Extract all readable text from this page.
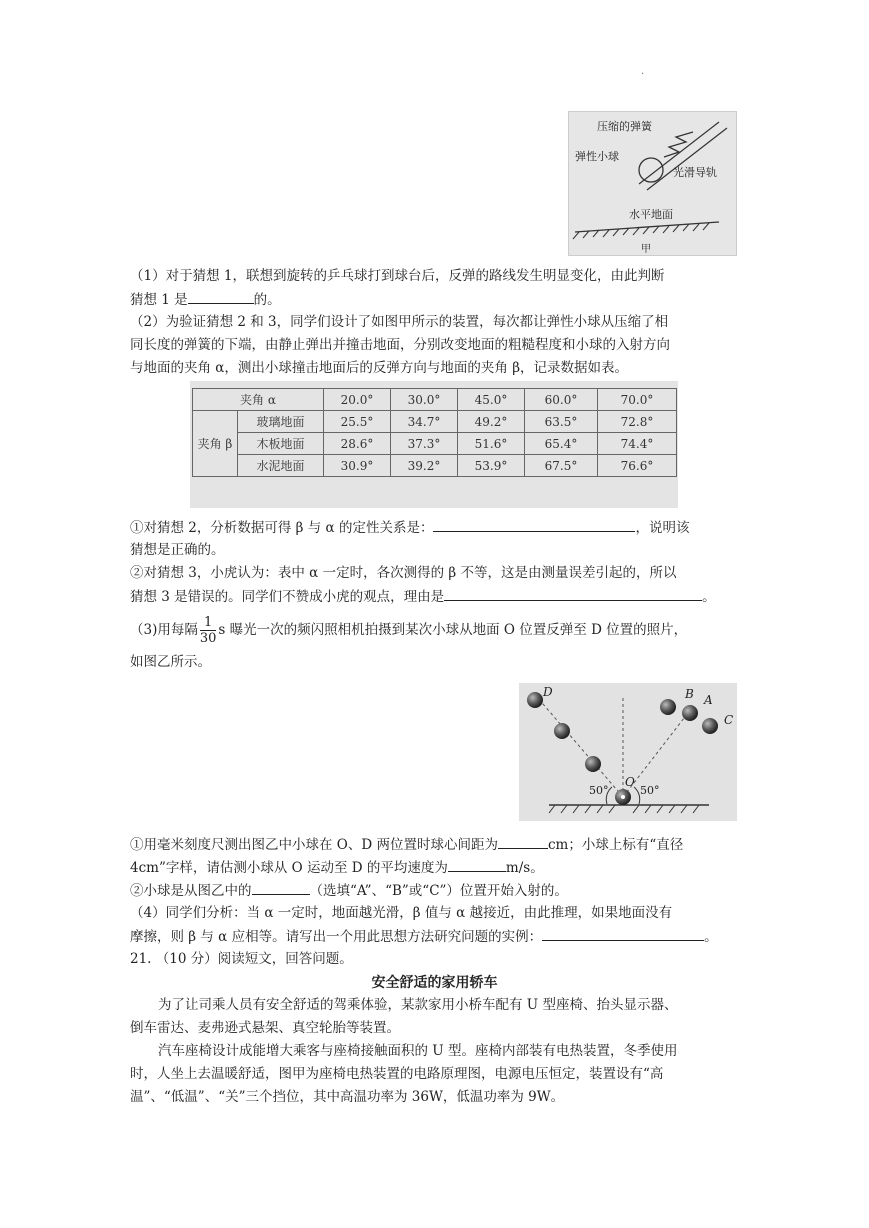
.
压缩的弹簧
弹性小球
光滑导轨
水平地面
甲
（1）对于猜想 1，联想到旋转的乒乓球打到球台后，反弹的路线发生明显变化，由此判断
猜想 1 是	的。
（2）为验证猜想 2 和 3，同学们设计了如图甲所示的装置，每次都让弹性小球从压缩了相
同长度的弹簧的下端，由静止弹出并撞击地面，分别改变地面的粗糙程度和小球的入射方向
与地面的夹角 α，测出小球撞击地面后的反弹方向与地面的夹角 β，记录数据如表。
夹角 α		20.0°	30.0°	45.0°	60.0°	70.0°
夹角 β	玻璃地面	25.5°	34.7°	49.2°	63.5°	72.8°
	木板地面	28.6°	37.3°	51.6°	65.4°	74.4°
	水泥地面	30.9°	39.2°	53.9°	67.5°	76.6°
①对猜想 2，分析数据可得 β 与 α 的定性关系是：	，说明该
猜想是正确的。
②对猜想 3，小虎认为：表中 α 一定时，各次测得的 β 不等，这是由测量误差引起的，所以
猜想 3 是错误的。同学们不赞成小虎的观点，理由是	。
（3)用每隔 $\frac{1}{30}$ s 曝光一次的频闪照相机拍摄到某次小球从地面 O 位置反弹至 D 位置的照片，
如图乙所示。
D	B A
C
O
50°	50°
①用毫米刻度尺测出图乙中小球在 O、D 两位置时球心间距为	cm；小球上标有“直径
4cm”字样，请估测小球从 O 运动至 D 的平均速度为	m/s。
②小球是从图乙中的	（选填“A”、“B”或“C”）位置开始入射的。
（4）同学们分析：当 α 一定时，地面越光滑，β 值与 α 越接近，由此推理，如果地面没有
摩擦，则 β 与 α 应相等。请写出一个用此思想方法研究问题的实例：	。
21. （10 分）阅读短文，回答问题。
安全舒适的家用轿车
为了让司乘人员有安全舒适的驾乘体验，某款家用小桥车配有 U 型座椅、抬头显示器、
倒车雷达、麦弗逊式悬架、真空轮胎等装置。
汽车座椅设计成能增大乘客与座椅接触面积的 U 型。座椅内部装有电热装置，冬季使用
时，人坐上去温暖舒适，图甲为座椅电热装置的电路原理图，电源电压恒定，装置设有“高
温”、“低温”、“关”三个挡位，其中高温功率为 36W，低温功率为 9W。
